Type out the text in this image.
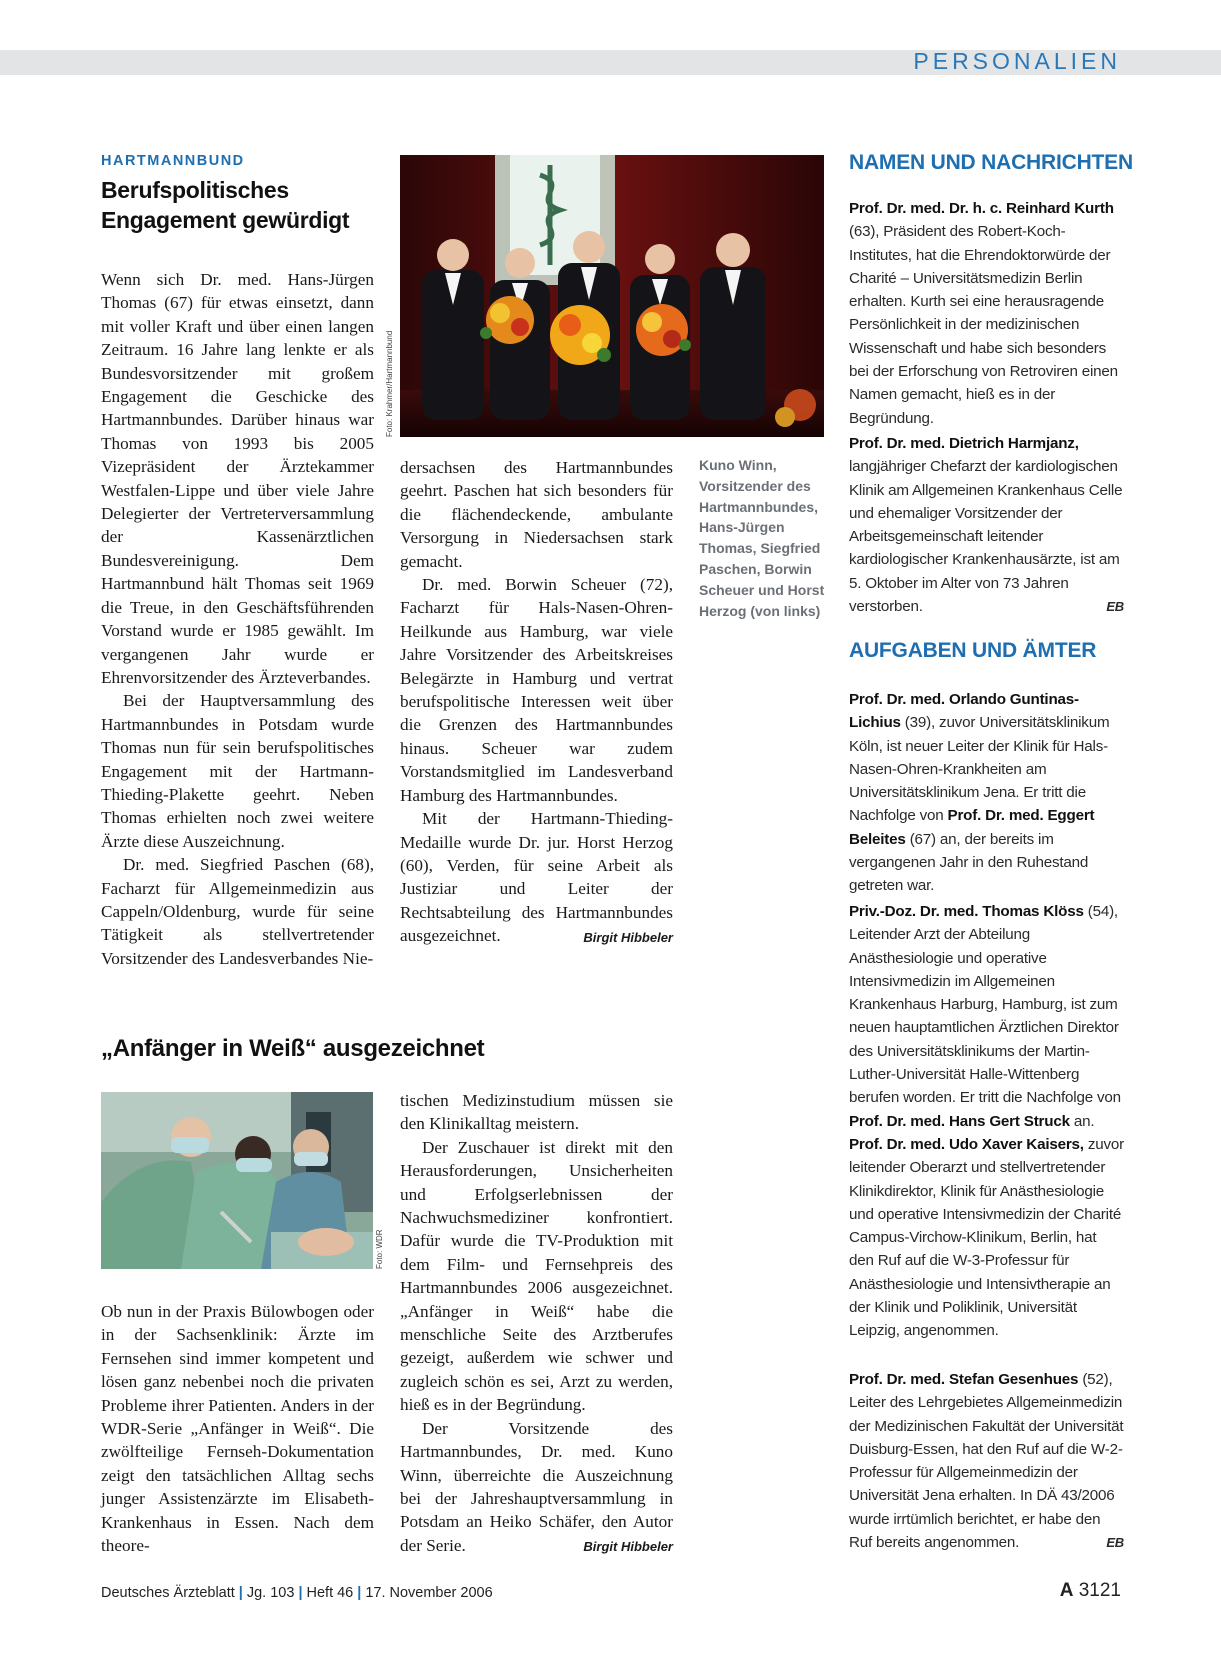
PERSONALIEN
HARTMANNBUND
Berufspolitisches
Engagement gewürdigt

Wenn sich Dr. med. Hans-Jürgen Thomas (67) für etwas einsetzt, dann mit voller Kraft und über einen langen Zeitraum. 16 Jahre lang lenkte er als Bundesvorsitzender mit großem Engagement die Geschicke des Hartmannbundes. Darüber hinaus war Thomas von 1993 bis 2005 Vizepräsident der Ärztekammer Westfalen-Lippe und über viele Jahre Delegierter der Vertreterversammlung der Kassenärztlichen Bundesvereinigung. Dem Hartmannbund hält Thomas seit 1969 die Treue, in den Geschäftsführenden Vorstand wurde er 1985 gewählt. Im vergangenen Jahr wurde er Ehrenvorsitzender des Ärzteverbandes.

Bei der Hauptversammlung des Hartmannbundes in Potsdam wurde Thomas nun für sein berufspolitisches Engagement mit der Hartmann-Thieding-Plakette geehrt. Neben Thomas erhielten noch zwei weitere Ärzte diese Auszeichnung.

Dr. med. Siegfried Paschen (68), Facharzt für Allgemeinmedizin aus Cappeln/Oldenburg, wurde für seine Tätigkeit als stellvertretender Vorsitzender des Landesverbandes Nie-

Foto: Krahmer/Hartmannbund

dersachsen des Hartmannbundes geehrt. Paschen hat sich besonders für die flächendeckende, ambulante Versorgung in Niedersachsen stark gemacht.

Dr. med. Borwin Scheuer (72), Facharzt für Hals-Nasen-Ohren-Heilkunde aus Hamburg, war viele Jahre Vorsitzender des Arbeitskreises Belegärzte in Hamburg und vertrat berufspolitische Interessen weit über die Grenzen des Hartmannbundes hinaus. Scheuer war zudem Vorstandsmitglied im Landesverband Hamburg des Hartmannbundes.

Mit der Hartmann-Thieding-Medaille wurde Dr. jur. Horst Herzog (60), Verden, für seine Arbeit als Justiziar und Leiter der Rechtsabteilung des Hartmannbundes ausgezeichnet.	Birgit Hibbeler
Kuno Winn, Vorsitzender des Hartmannbundes, Hans-Jürgen Thomas, Siegfried Paschen, Borwin Scheuer und Horst Herzog (von links)
„Anfänger in Weiß“ ausgezeichnet
Foto: WDR

Ob nun in der Praxis Bülowbogen oder in der Sachsenklinik: Ärzte im Fernsehen sind immer kompetent und lösen ganz nebenbei noch die privaten Probleme ihrer Patienten. Anders in der WDR-Serie „Anfänger in Weiß“. Die zwölfteilige Fernseh-Dokumentation zeigt den tatsächlichen Alltag sechs junger Assistenzärzte im Elisabeth-Krankenhaus in Essen. Nach dem theore-

tischen Medizinstudium müssen sie den Klinikalltag meistern.

Der Zuschauer ist direkt mit den Herausforderungen, Unsicherheiten und Erfolgserlebnissen der Nachwuchsmediziner konfrontiert. Dafür wurde die TV-Produktion mit dem Film- und Fernsehpreis des Hartmannbundes 2006 ausgezeichnet. „Anfänger in Weiß“ habe die menschliche Seite des Arztberufes gezeigt, außerdem wie schwer und zugleich schön es sei, Arzt zu werden, hieß es in der Begründung.

Der Vorsitzende des Hartmannbundes, Dr. med. Kuno Winn, überreichte die Auszeichnung bei der Jahreshauptversammlung in Potsdam an Heiko Schäfer, den Autor der Serie.	Birgit Hibbeler
NAMEN UND NACHRICHTEN
Prof. Dr. med. Dr. h. c. Reinhard Kurth (63), Präsident des Robert-Koch-Institutes, hat die Ehrendoktorwürde der Charité – Universitätsmedizin Berlin erhalten. Kurth sei eine herausragende Persönlichkeit in der medizinischen Wissenschaft und habe sich besonders bei der Erforschung von Retroviren einen Namen gemacht, hieß es in der Begründung.
Prof. Dr. med. Dietrich Harmjanz, langjähriger Chefarzt der kardiologischen Klinik am Allgemeinen Krankenhaus Celle und ehemaliger Vorsitzender der Arbeitsgemeinschaft leitender kardiologischer Krankenhausärzte, ist am 5. Oktober im Alter von 73 Jahren verstorben.	EB
AUFGABEN UND ÄMTER
Prof. Dr. med. Orlando Guntinas-Lichius (39), zuvor Universitätsklinikum Köln, ist neuer Leiter der Klinik für Hals-Nasen-Ohren-Krankheiten am Universitätsklinikum Jena. Er tritt die Nachfolge von Prof. Dr. med. Eggert Beleites (67) an, der bereits im vergangenen Jahr in den Ruhestand getreten war.
Priv.-Doz. Dr. med. Thomas Klöss (54), Leitender Arzt der Abteilung Anästhesiologie und operative Intensivmedizin im Allgemeinen Krankenhaus Harburg, Hamburg, ist zum neuen hauptamtlichen Ärztlichen Direktor des Universitätsklinikums der Martin-Luther-Universität Halle-Wittenberg berufen worden. Er tritt die Nachfolge von Prof. Dr. med. Hans Gert Struck an.
Prof. Dr. med. Udo Xaver Kaisers, zuvor leitender Oberarzt und stellvertretender Klinikdirektor, Klinik für Anästhesiologie und operative Intensivmedizin der Charité Campus-Virchow-Klinikum, Berlin, hat den Ruf auf die W-3-Professur für Anästhesiologie und Intensivtherapie an der Klinik und Poliklinik, Universität Leipzig, angenommen.
Prof. Dr. med. Stefan Gesenhues (52), Leiter des Lehrgebietes Allgemeinmedizin der Medizinischen Fakultät der Universität Duisburg-Essen, hat den Ruf auf die W-2-Professur für Allgemeinmedizin der Universität Jena erhalten. In DÄ 43/2006 wurde irrtümlich berichtet, er habe den Ruf bereits angenommen.	EB
Deutsches Ärzteblatt | Jg. 103 | Heft 46 | 17. November 2006	A 3121
